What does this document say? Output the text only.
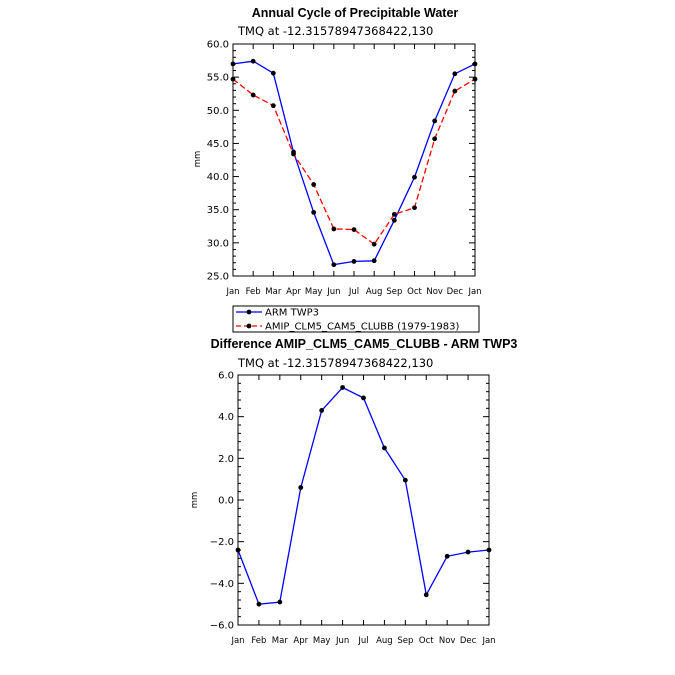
Annual Cycle of Precipitable Water
TMQ at -12.31578947368422,130
mm
Jan Feb Mar Apr May Jun Jul Aug Sep Oct Nov Dec Jan
25.0
30.0
35.0
40.0
45.0
50.0
55.0
60.0
ARM TWP3
AMIP_CLM5_CAM5_CLUBB (1979-1983)
Difference AMIP_CLM5_CAM5_CLUBB - ARM TWP3
TMQ at -12.31578947368422,130
mm
Jan Feb Mar Apr May Jun Jul Aug Sep Oct Nov Dec Jan
−6.0
−4.0
−2.0
0.0
2.0
4.0
6.0
